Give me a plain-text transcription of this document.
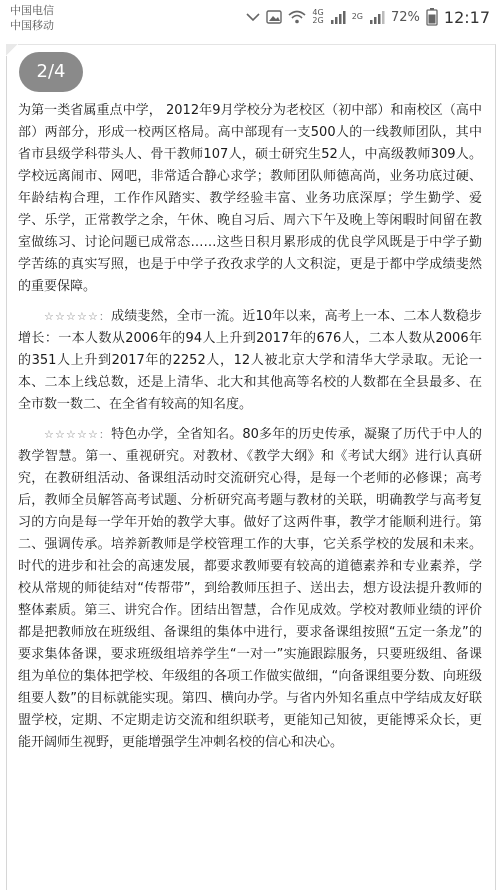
中国电信
中国移动
4G
2G	2G 72% 12:17
2/4

为第一类省属重点中学， 2012年9月学校分为老校区（初中部）和南校区（高中部）两部分，形成一校两区格局。高中部现有一支500人的一线教师团队，其中省市县级学科带头人、骨干教师107人，硕士研究生52人，中高级教师309人。学校远离闹市、网吧，非常适合静心求学；教师团队师德高尚，业务功底过硬、年龄结构合理，工作作风踏实、教学经验丰富、业务功底深厚；学生勤学、爱学、乐学，正常教学之余，午休、晚自习后、周六下午及晚上等闲暇时间留在教室做练习、讨论问题已成常态……这些日积月累形成的优良学风既是于中学子勤学苦练的真实写照，也是于中学子孜孜求学的人文积淀，更是于都中学成绩斐然的重要保障。

☆☆☆☆☆：成绩斐然，全市一流。近10年以来，高考上一本、二本人数稳步增长：一本人数从2006年的94人上升到2017年的676人，二本人数从2006年的351人上升到2017年的2252人，12人被北京大学和清华大学录取。无论一本、二本上线总数，还是上清华、北大和其他高等名校的人数都在全县最多、在全市数一数二、在全省有较高的知名度。

☆☆☆☆☆：特色办学，全省知名。80多年的历史传承，凝聚了历代于中人的教学智慧。第一、重视研究。对教材、《教学大纲》和《考试大纲》进行认真研究，在教研组活动、备课组活动时交流研究心得，是每一个老师的必修课；高考后，教师全员解答高考试题、分析研究高考题与教材的关联，明确教学与高考复习的方向是每一学年开始的教学大事。做好了这两件事，教学才能顺利进行。第二、强调传承。培养新教师是学校管理工作的大事，它关系学校的发展和未来。时代的进步和社会的高速发展，都要求教师要有较高的道德素养和专业素养，学校从常规的师徒结对“传帮带”，到给教师压担子、送出去，想方设法提升教师的整体素质。第三、讲究合作。团结出智慧，合作见成效。学校对教师业绩的评价都是把教师放在班级组、备课组的集体中进行，要求备课组按照“五定一条龙”的要求集体备课，要求班级组培养学生“一对一”实施跟踪服务，只要班级组、备课组为单位的集体把学校、年级组的各项工作做实做细，“向备课组要分数、向班级组要人数”的目标就能实现。第四、横向办学。与省内外知名重点中学结成友好联盟学校，定期、不定期走访交流和组织联考，更能知己知彼，更能博采众长，更能开阔师生视野，更能增强学生冲刺名校的信心和决心。
